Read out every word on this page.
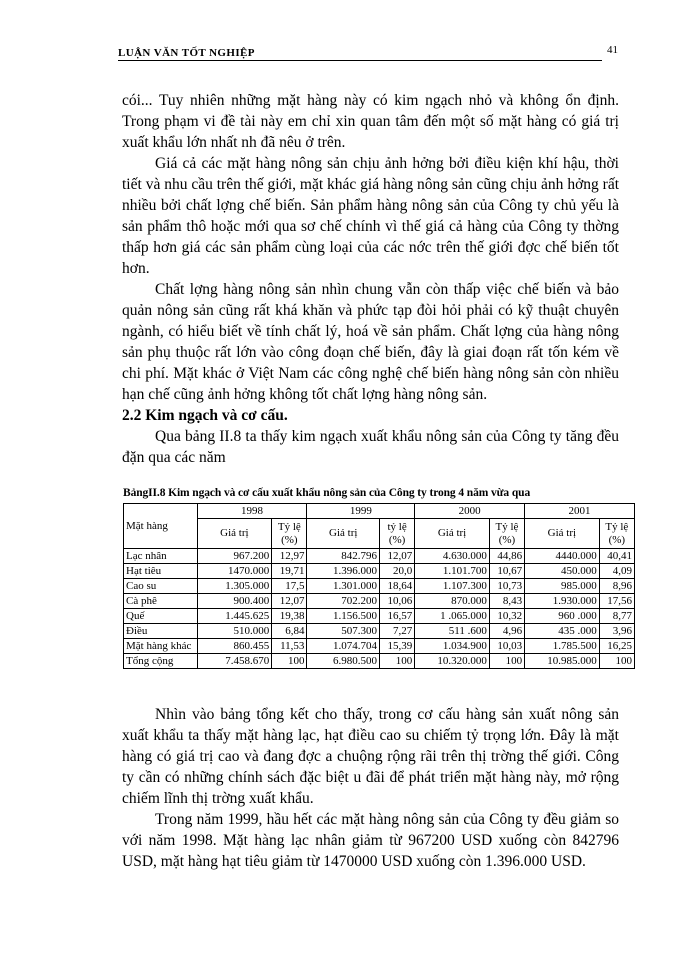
LUẬN VĂN TỐT NGHIỆP	41

cói... Tuy nhiên những mặt hàng này có kim ngạch nhỏ và không ổn định. Trong phạm vi đề tài này em chỉ xin quan tâm đến một số mặt hàng có giá trị xuất khẩu lớn nhất nh đã nêu ở trên.

Giá cả các mặt hàng nông sản chịu ảnh hởng bởi điều kiện khí hậu, thời tiết và nhu cầu trên thế giới, mặt khác giá hàng nông sản cũng chịu ảnh hởng rất nhiều bởi chất lợng chế biến. Sản phẩm hàng nông sản của Công ty chủ yếu là sản phẩm thô hoặc mới qua sơ chế chính vì thế giá cả hàng của Công ty thờng thấp hơn giá các sản phẩm cùng loại của các nớc trên thế giới đợc chế biến tốt hơn.

Chất lợng hàng nông sản nhìn chung vẫn còn thấp việc chế biến và bảo quản nông sản cũng rất khá khăn và phức tạp đòi hỏi phải có kỹ thuật chuyên ngành, có hiểu biết về tính chất lý, hoá về sản phẩm. Chất lợng của hàng nông sản phụ thuộc rất lớn vào công đoạn chế biến, đây là giai đoạn rất tốn kém về chi phí. Mặt khác ở Việt Nam các công nghệ chế biến hàng nông sản còn nhiều hạn chế cũng ảnh hởng không tốt chất lợng hàng nông sản.

2.2 Kim ngạch và cơ cấu.

Qua bảng II.8 ta thấy kim ngạch xuất khẩu nông sản của Công ty tăng đều đặn qua các năm

BảngII.8 Kim ngạch và cơ cấu xuất khẩu nông sản của Công ty trong 4 năm vừa qua
Mặt hàng	1998		1999		2000		2001	
	Giá trị	Tỷ lệ (%)	Giá trị	tỷ lệ (%)	Giá trị	Tỷ lệ (%)	Giá trị	Tỷ lệ (%)
Lạc nhân	967.200	12,97	842.796	12,07	4.630.000	44,86	4440.000	40,41
Hạt tiêu	1470.000	19,71	1.396.000	20,0	1.101.700	10,67	450.000	4,09
Cao su	1.305.000	17,5	1.301.000	18,64	1.107.300	10,73	985.000	8,96
Cà phê	900.400	12,07	702.200	10,06	870.000	8,43	1.930.000	17,56
Quế	1.445.625	19,38	1.156.500	16,57	1 .065.000	10,32	960 .000	8,77
Điều	510.000	6,84	507.300	7,27	511 .600	4,96	435 .000	3,96
Mặt hàng khác	860.455	11,53	1.074.704	15,39	1.034.900	10,03	1.785.500	16,25
Tổng cộng	7.458.670	100	6.980.500	100	10.320.000	100	10.985.000	100

Nhìn vào bảng tổng kết cho thấy, trong cơ cấu hàng sản xuất nông sản xuất khẩu ta thấy mặt hàng lạc, hạt điều cao su chiếm tỷ trọng lớn. Đây là mặt hàng có giá trị cao và đang đợc a chuộng rộng rãi trên thị trờng thế giới. Công ty cần có những chính sách đặc biệt u đãi để phát triển mặt hàng này, mở rộng chiếm lĩnh thị trờng xuất khẩu.

Trong năm 1999, hầu hết các mặt hàng nông sản của Công ty đều giảm so với năm 1998. Mặt hàng lạc nhân giảm từ 967200 USD xuống còn 842796 USD, mặt hàng hạt tiêu giảm từ 1470000 USD xuống còn 1.396.000 USD.
